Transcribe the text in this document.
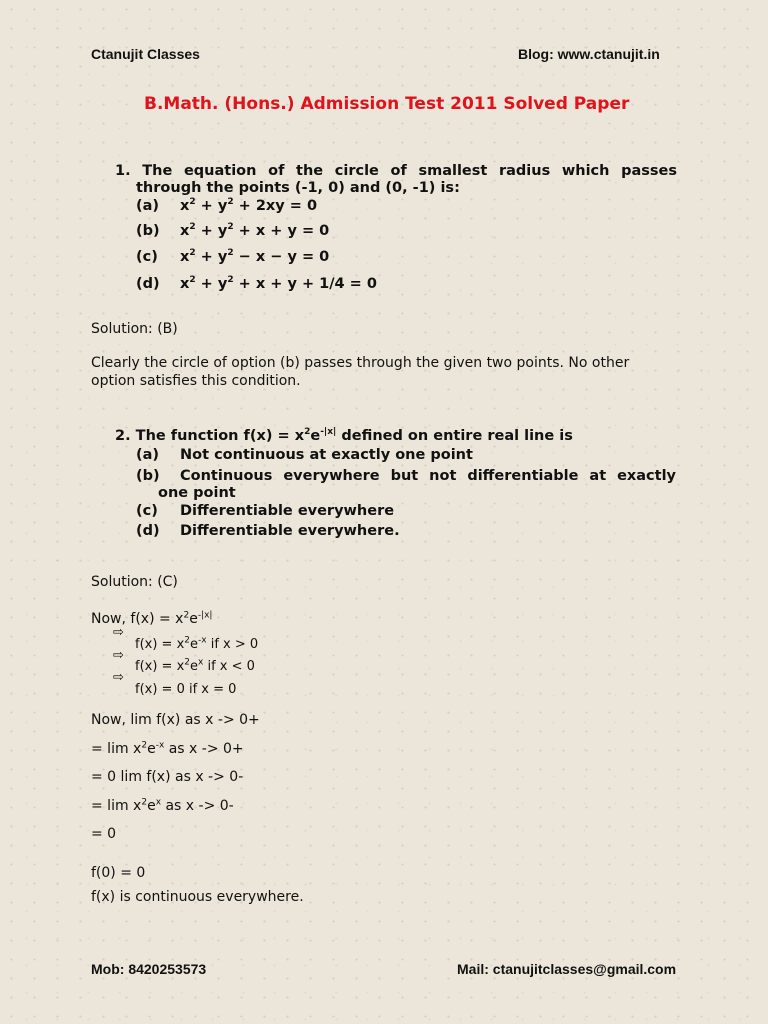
Ctanujit Classes	Blog: www.ctanujit.in
B.Math. (Hons.) Admission Test 2011 Solved Paper
1. The equation of the circle of smallest radius which passes
through the points (-1, 0) and (0, -1) is:
(a) $x^2 + y^2 + 2xy = 0$
(b) $x^2 + y^2 + x + y = 0$
(c) $x^2 + y^2 - x - y = 0$
(d) $x^2 + y^2 + x + y + 1/4 = 0$
Solution: (B)
Clearly the circle of option (b) passes through the given two points. No other
option satisfies this condition.
2. The function $f(x) = x^2e^{-|x|}$ defined on entire real line is
(a) Not continuous at exactly one point
(b) Continuous everywhere but not differentiable at exactly
one point
(c) Differentiable everywhere
(d) Differentiable everywhere.
Solution: (C)
Now, $f(x) = x^2e^{-|x|}$
⇨
$f(x) = x^2e^{-x}$ if x > 0
⇨
$f(x) = x^2e^x$ if x < 0
⇨
f(x) = 0 if x = 0
Now, lim f(x) as x -> 0+
= $\lim x^2e^{-x}$ as x -> 0+
= 0 lim f(x) as x -> 0-
= $\lim x^2e^x$ as x -> 0-
= 0
f(0) = 0
f(x) is continuous everywhere.
Mob: 8420253573	Mail: ctanujitclasses@gmail.com
